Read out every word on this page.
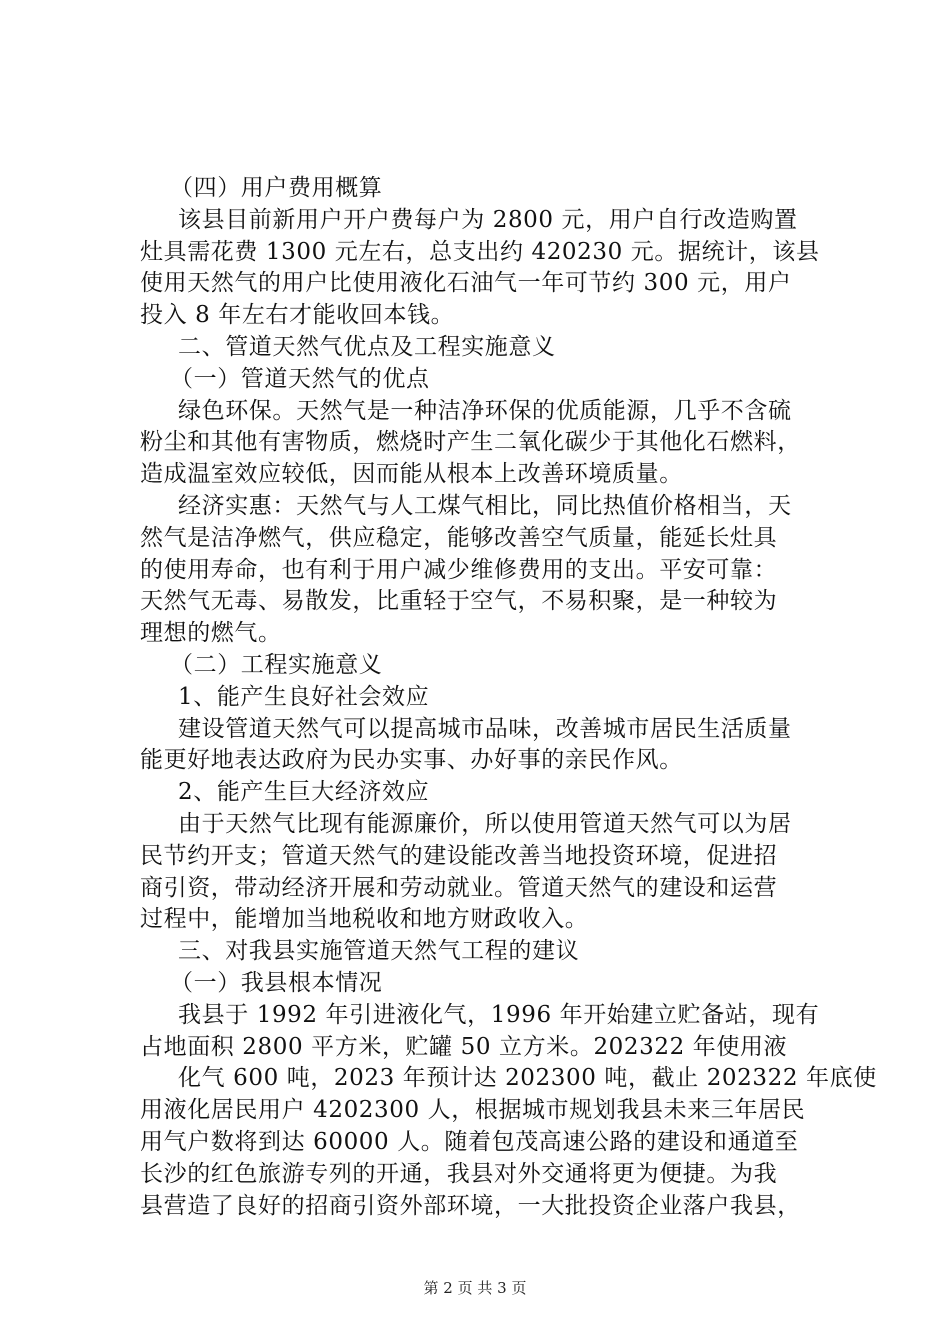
（四）用户费用概算
该县目前新用户开户费每户为 2800 元，用户自行改造购置
灶具需花费 1300 元左右，总支出约 420230 元。据统计，该县
使用天然气的用户比使用液化石油气一年可节约 300 元，用户
投入 8 年左右才能收回本钱。
二、管道天然气优点及工程实施意义
（一）管道天然气的优点
绿色环保。天然气是一种洁净环保的优质能源，几乎不含硫
粉尘和其他有害物质，燃烧时产生二氧化碳少于其他化石燃料，
造成温室效应较低，因而能从根本上改善环境质量。
经济实惠：天然气与人工煤气相比，同比热值价格相当，天
然气是洁净燃气，供应稳定，能够改善空气质量，能延长灶具
的使用寿命，也有利于用户减少维修费用的支出。平安可靠：
天然气无毒、易散发，比重轻于空气，不易积聚，是一种较为
理想的燃气。
（二）工程实施意义
1、能产生良好社会效应
建设管道天然气可以提高城市品味，改善城市居民生活质量
能更好地表达政府为民办实事、办好事的亲民作风。
2、能产生巨大经济效应
由于天然气比现有能源廉价，所以使用管道天然气可以为居
民节约开支；管道天然气的建设能改善当地投资环境，促进招
商引资，带动经济开展和劳动就业。管道天然气的建设和运营
过程中，能增加当地税收和地方财政收入。
三、对我县实施管道天然气工程的建议
（一）我县根本情况
我县于 1992 年引进液化气，1996 年开始建立贮备站，现有
占地面积 2800 平方米，贮罐 50 立方米。202322 年使用液
化气 600 吨，2023 年预计达 202300 吨，截止 202322 年底使
用液化居民用户 4202300 人，根据城市规划我县未来三年居民
用气户数将到达 60000 人。随着包茂高速公路的建设和通道至
长沙的红色旅游专列的开通，我县对外交通将更为便捷。为我
县营造了良好的招商引资外部环境，一大批投资企业落户我县，
第 2 页 共 3 页
